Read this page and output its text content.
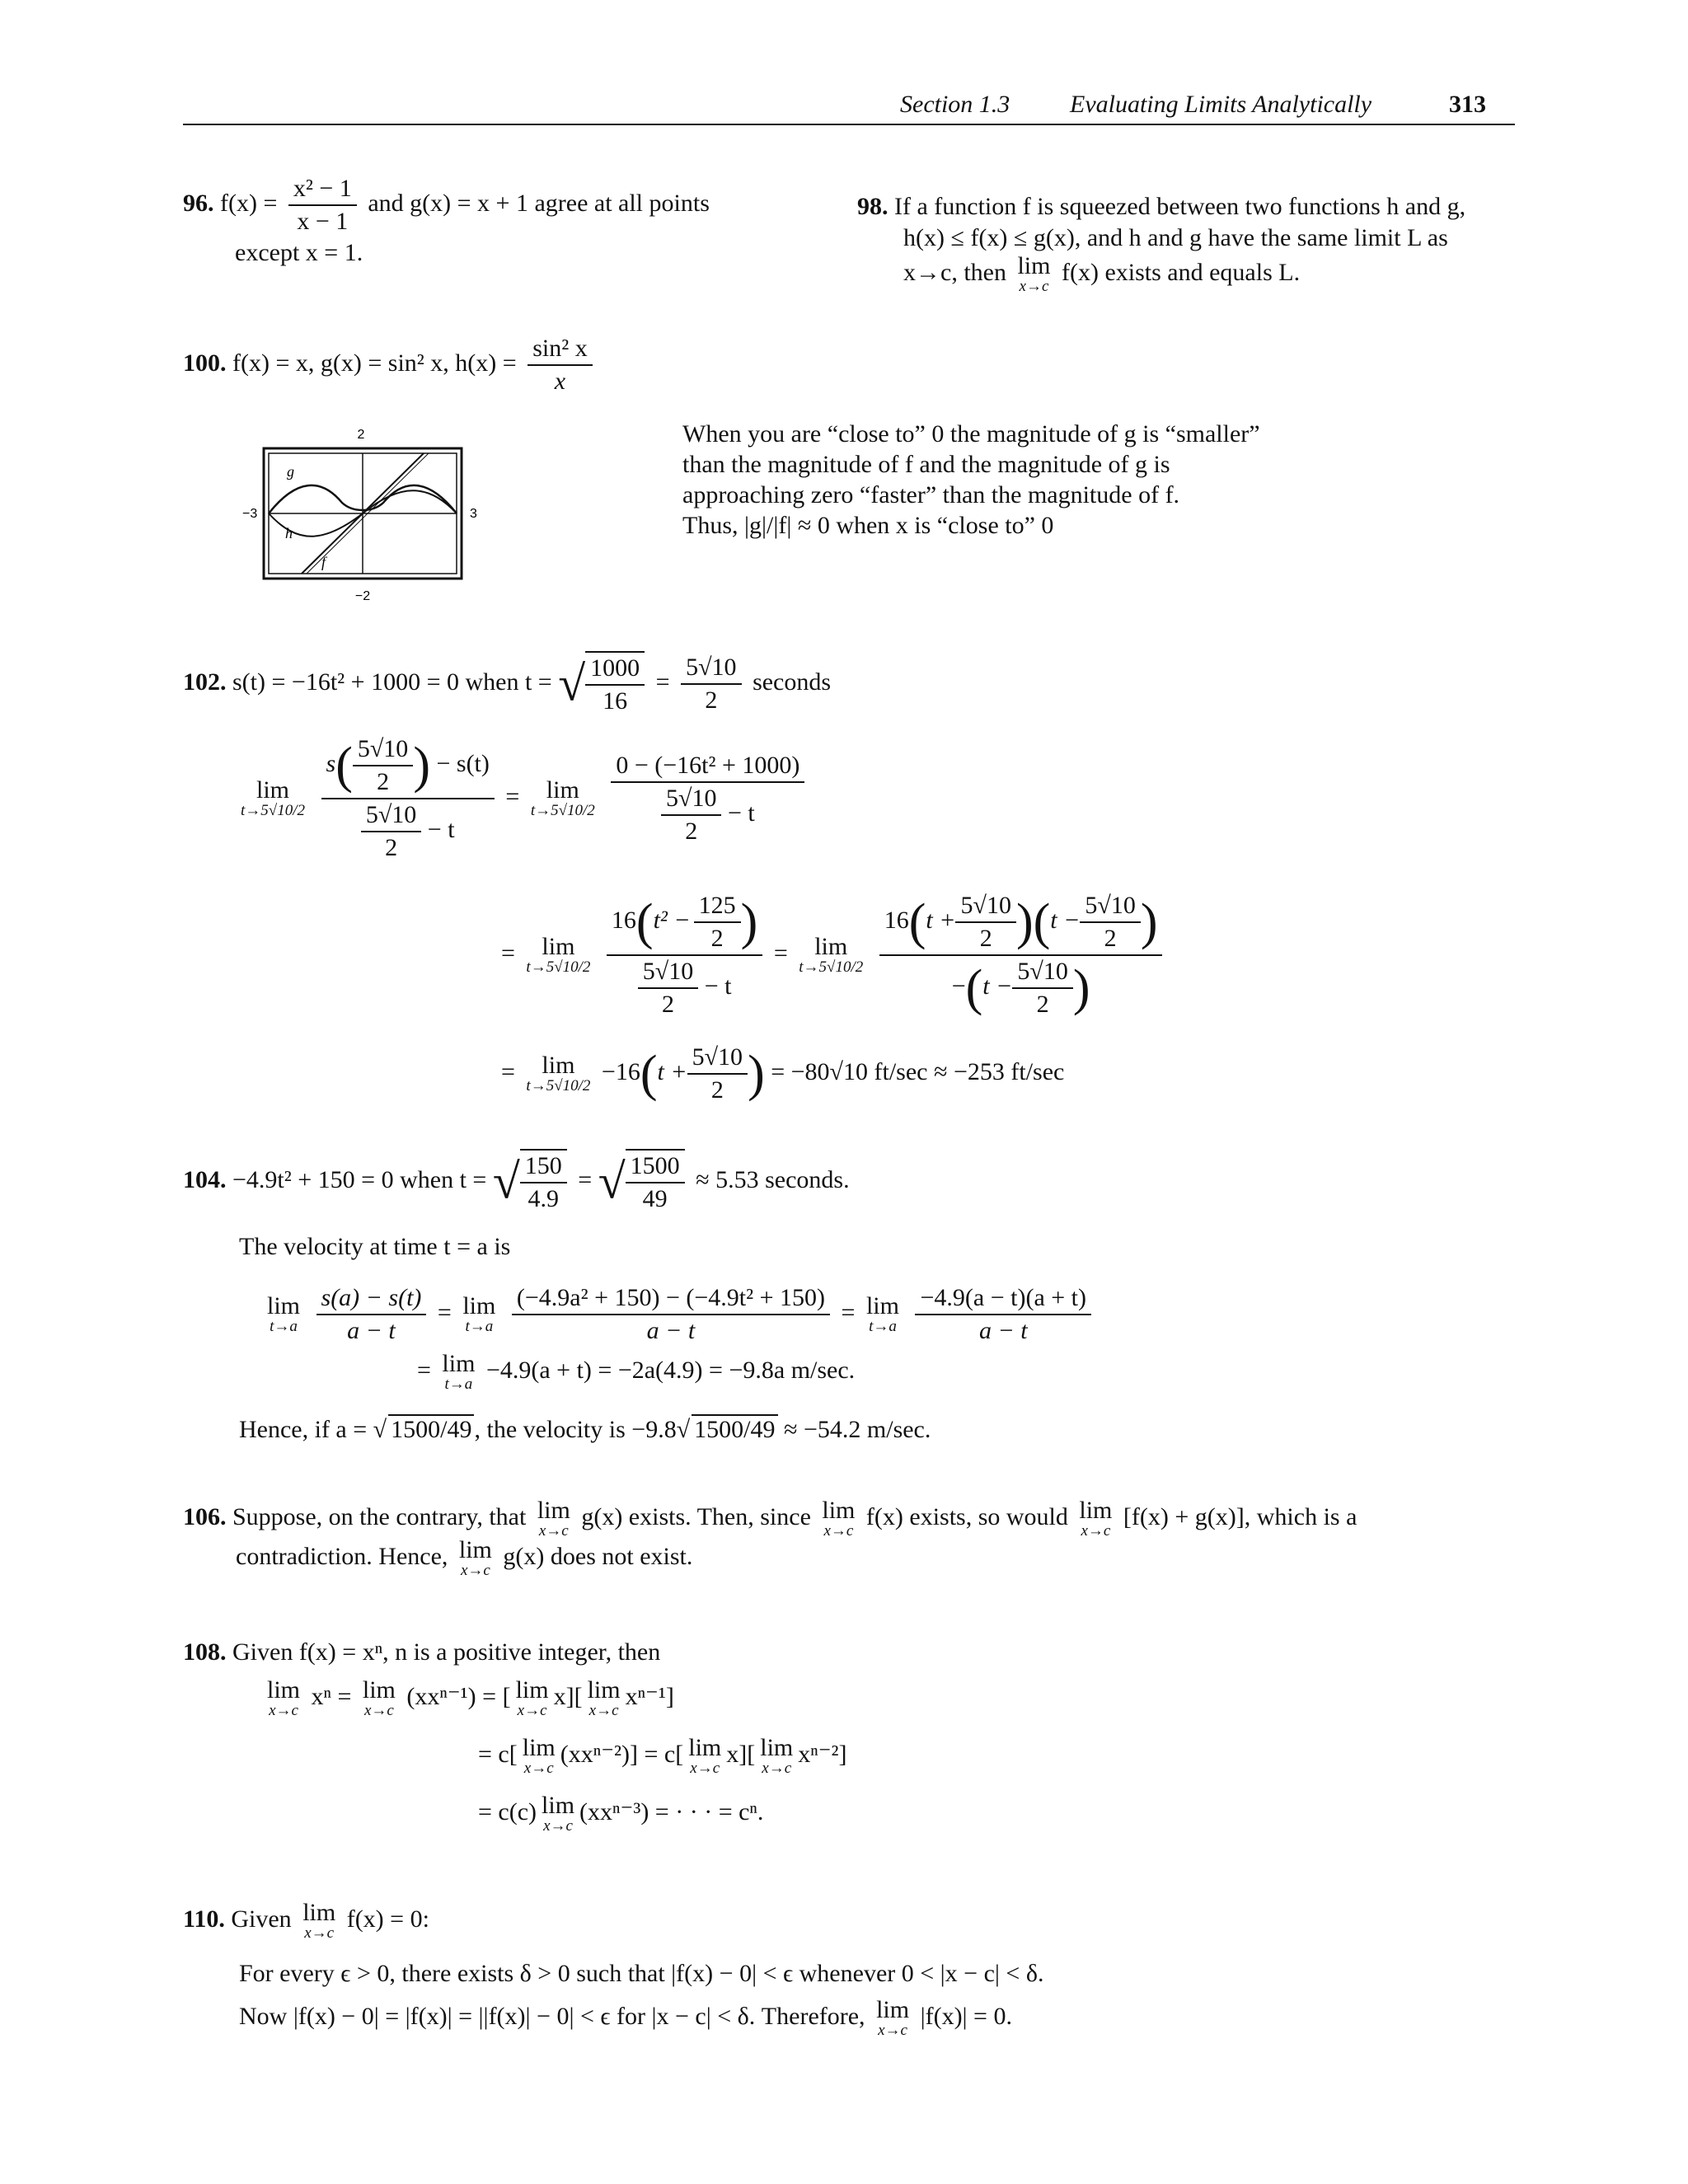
Section 1.3 Evaluating Limits Analytically	313
96. $f(x) = \frac{\text{x² − 1}}{x - 1}$ and g(x) = x + 1 agree at all points
except x = 1.
98. If a function f is squeezed between two functions h and g,
h(x) ≤ f(x) ≤ g(x), and h and g have the same limit L as
x→c, then lim
x→c
f(x) exists and equals L.
100. f(x) = x, g(x) = sin² x, $h(x) = \frac{\text{sin² x}}{x}$
2
g
h
f
−3	3
−2
When you are “close to” 0 the magnitude of g is “smaller”
than the magnitude of f and the magnitude of g is
approaching zero “faster” than the magnitude of f.
Thus, |g|/|f| ≈ 0 when x is “close to” 0
102. s(t) = −16t² + 1000 = 0 when t = √ $\frac{1000}{16} = \frac{5√10}{2}$ seconds
lim
t→5√10/2
$\frac{s( \frac{5√10}{2} ) - s(t)}{\frac{5√10}{2} - t} = \lim$
t→5√10/2
$\frac{\text{0 − (−16t² + 1000)}}{\frac{5√10}{2} - t}$
= lim
t→5√10/2
$\frac{16(t^2 - \frac{125}{2} )}{\frac{5√10}{2} - t} = \lim$
t→5√10/2
$\frac{16(t + \frac{5√10}{2} )(t - \frac{5√10}{2} )}{-(t - \frac{5√10}{2} )}$
= lim
t→5√10/2
$-16(t + \frac{5√10}{2}$ ) = −80√10 ft/sec ≈ −253 ft/sec
104. −4.9t² + 150 = 0 when t = √ $\frac{150}{4.9}$ = √ $\frac{1500}{49} \approx 5.53$ seconds.
The velocity at time t = a is
lim
t→a
$\frac{s(a) - s(t)}{a - t} = \lim$
t→a
$\frac{\text{(−4.9a² + 150) − (−4.9t² + 150)}}{a - t} = \lim$
t→a
$\frac{-4.9(a - t)(a + t)}{a - t}$
= lim
t→a
−4.9(a + t) = −2a(4.9) = −9.8a m/sec.
Hence, if a = √ 1500/49 , the velocity is −9.8√ 1500/49 ≈ −54.2 m/sec.
106. Suppose, on the contrary, that lim
x→c
g(x) exists. Then, since lim
x→c
f(x) exists, so would lim
x→c
[f(x) + g(x)], which is a
contradiction. Hence, lim
x→c
g(x) does not exist.
108. Given f(x) = xⁿ, n is a positive integer, then
lim
x→c
xⁿ = lim
x→c
(xxⁿ⁻¹) = [ lim
x→c
x][ lim
x→c
xⁿ⁻¹]
= c[ lim
x→c
(xxⁿ⁻²)] = c[ lim
x→c
x][ lim
x→c
xⁿ⁻²]
= c(c) lim
x→c
(xxⁿ⁻³) = · · · = cⁿ.
110. Given lim
x→c
f(x) = 0:
For every ϵ > 0, there exists δ > 0 such that |f(x) − 0| < ϵ whenever 0 < |x − c| < δ.
Now |f(x) − 0| = |f(x)| = ||f(x)| − 0| < ϵ for |x − c| < δ. Therefore, lim
x→c
|f(x)| = 0.
